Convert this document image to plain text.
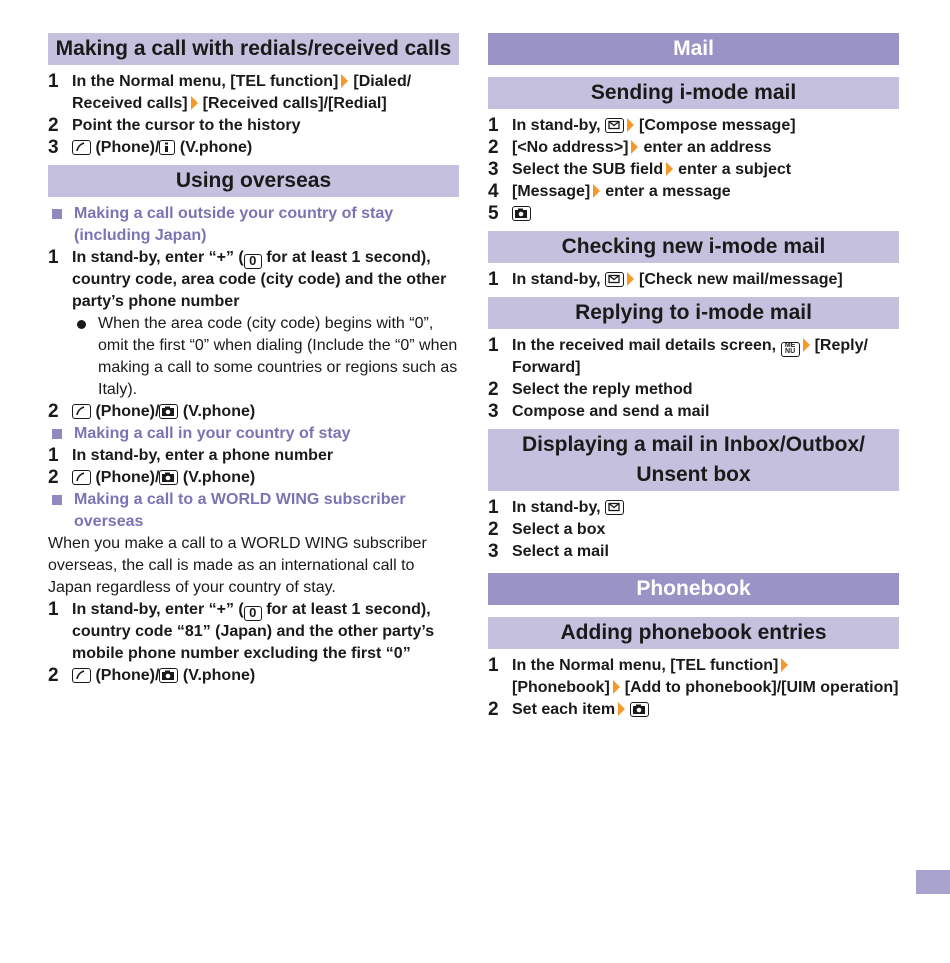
Making a call with redials/received calls
1 In the Normal menu, [TEL function] [Dialed/
Received calls] [Received calls]/[Redial]
2 Point the cursor to the history
3	(Phone)/ (V.phone)
Using overseas
Making a call outside your country of stay (including Japan)
1 In stand-by, enter “+” ( 0 for at least 1 second), country code, area code (city code) and the other party’s phone number
When the area code (city code) begins with “0”, omit the first “0” when dialing (Include the “0” when making a call to some countries or regions such as Italy).
2	(Phone)/ (V.phone)
Making a call in your country of stay
1 In stand-by, enter a phone number
2	(Phone)/ (V.phone)
Making a call to a WORLD WING subscriber overseas
When you make a call to a WORLD WING subscriber overseas, the call is made as an international call to Japan regardless of your country of stay.
1 In stand-by, enter “+” ( 0 for at least 1 second), country code “81” (Japan) and the other party’s mobile phone number excluding the first “0”
2	(Phone)/ (V.phone)
Mail
Sending i-mode mail
1 In stand-by, [Compose message]
2 [<No address>] enter an address
3 Select the SUB field enter a subject
4 [Message] enter a message
5
Checking new i-mode mail
1 In stand-by, [Check new mail/message]
Replying to i-mode mail
1 In the received mail details screen, ME NU [Reply/
Forward]
2 Select the reply method
3 Compose and send a mail
Displaying a mail in Inbox/Outbox/ Unsent box
1 In stand-by,
2 Select a box
3 Select a mail
Phonebook
Adding phonebook entries
1 In the Normal menu, [TEL function]
[Phonebook] [Add to phonebook]/[UIM operation]
2 Set each item
